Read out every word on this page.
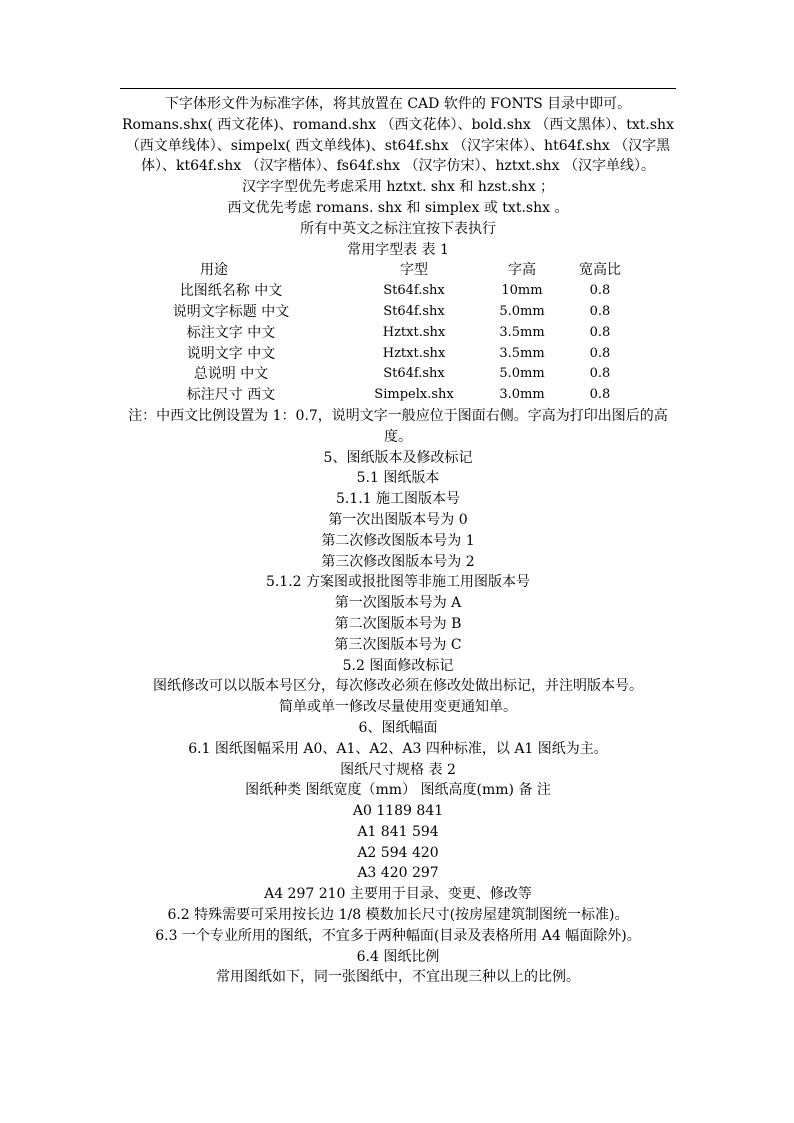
下字体形文件为标准字体，将其放置在 CAD 软件的 FONTS 目录中即可。
Romans.shx( 西文花体)、romand.shx （西文花体）、bold.shx （西文黑体）、txt.shx （西文单线体）、simpelx( 西文单线体)、st64f.shx （汉字宋体）、ht64f.shx （汉字黑体）、kt64f.shx （汉字楷体）、fs64f.shx （汉字仿宋）、hztxt.shx （汉字单线）。
汉字字型优先考虑采用 hztxt. shx 和 hzst.shx ；
西文优先考虑 romans. shx 和 simplex 或 txt.shx 。
所有中英文之标注宜按下表执行
常用字型表 表 1
用途	字型	字高	宽高比
比图纸名称 中文	St64f.shx	10mm	0.8
说明文字标题 中文	St64f.shx	5.0mm	0.8
标注文字 中文	Hztxt.shx	3.5mm	0.8
说明文字 中文	Hztxt.shx	3.5mm	0.8
总说明 中文	St64f.shx	5.0mm	0.8
标注尺寸 西文	Simpelx.shx	3.0mm	0.8
注：中西文比例设置为 1：0.7，说明文字一般应位于图面右侧。字高为打印出图后的高度。
5、图纸版本及修改标记
5.1 图纸版本
5.1.1 施工图版本号
第一次出图版本号为 0
第二次修改图版本号为 1
第三次修改图版本号为 2
5.1.2 方案图或报批图等非施工用图版本号
第一次图版本号为 A
第二次图版本号为 B
第三次图版本号为 C
5.2 图面修改标记
图纸修改可以以版本号区分，每次修改必须在修改处做出标记，并注明版本号。
简单或单一修改尽量使用变更通知单。
6、图纸幅面
6.1 图纸图幅采用 A0、A1、A2、A3 四种标准，以 A1 图纸为主。
图纸尺寸规格 表 2
图纸种类 图纸宽度（mm） 图纸高度(mm) 备 注
A0 1189 841
A1 841 594
A2 594 420
A3 420 297
A4 297 210 主要用于目录、变更、修改等
6.2 特殊需要可采用按长边 1/8 模数加长尺寸(按房屋建筑制图统一标准)。
6.3 一个专业所用的图纸，不宜多于两种幅面(目录及表格所用 A4 幅面除外)。
6.4 图纸比例
常用图纸如下，同一张图纸中，不宜出现三种以上的比例。
